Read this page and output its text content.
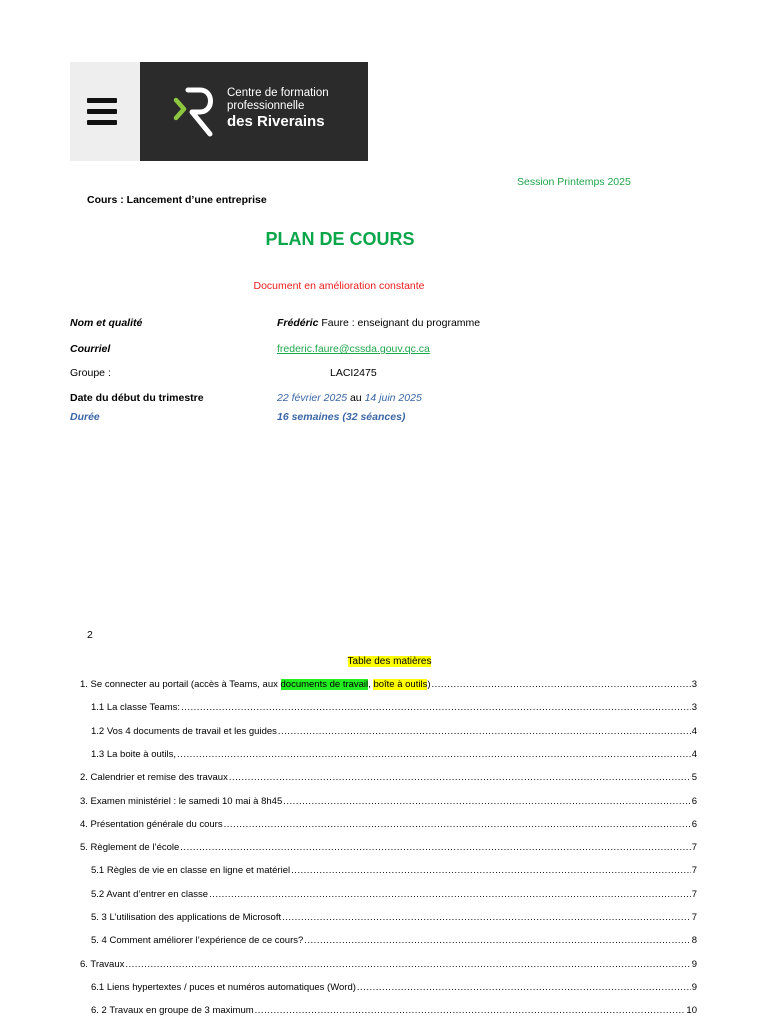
Centre de formation
professionnelle
des Riverains
Session Printemps 2025
Cours : Lancement d’une entreprise
PLAN DE COURS
Document en amélioration constante
Nom et qualité	Frédéric Faure : enseignant du programme
Courriel	frederic.faure@cssda.gouv.qc.ca
Groupe :	LACI2475
Date du début du trimestre	22 février 2025 au 14 juin 2025
Durée	16 semaines (32 séances)
2
Table des matières
1. Se connecter au portail (accès à Teams, aux documents de travail, boîte à outils) .....	3
1.1 La classe Teams: .....	3
1.2 Vos 4 documents de travail et les guides .....	4
1.3 La boite à outils, .....	4
2. Calendrier et remise des travaux .....	5
3. Examen ministériel : le samedi 10 mai à 8h45 .....	6
4. Présentation générale du cours .....	6
5. Règlement de l’école .....	7
5.1 Règles de vie en classe en ligne et matériel .....	7
5.2 Avant d’entrer en classe .....	7
5. 3 L’utilisation des applications de Microsoft .....	7
5. 4 Comment améliorer l’expérience de ce cours? .....	8
6. Travaux .....	9
6.1 Liens hypertextes / puces et numéros automatiques (Word) .....	9
6. 2 Travaux en groupe de 3 maximum .....	10
